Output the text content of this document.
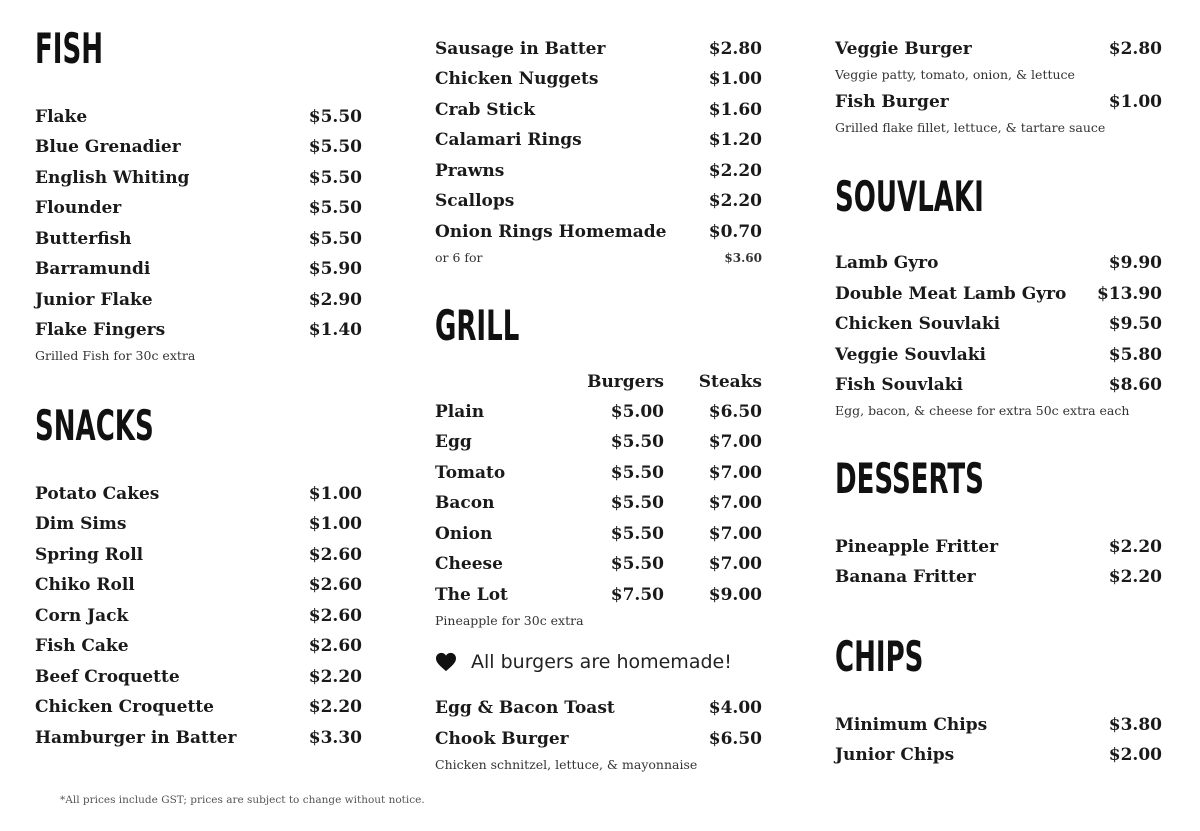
FISH
Flake	$5.50
Blue Grenadier	$5.50
English Whiting	$5.50
Flounder	$5.50
Butterfish	$5.50
Barramundi	$5.90
Junior Flake	$2.90
Flake Fingers	$1.40
Grilled Fish for 30c extra
SNACKS
Potato Cakes	$1.00
Dim Sims	$1.00
Spring Roll	$2.60
Chiko Roll	$2.60
Corn Jack	$2.60
Fish Cake	$2.60
Beef Croquette	$2.20
Chicken Croquette	$2.20
Hamburger in Batter	$3.30
Sausage in Batter	$2.80
Chicken Nuggets	$1.00
Crab Stick	$1.60
Calamari Rings	$1.20
Prawns	$2.20
Scallops	$2.20
Onion Rings Homemade $0.70
or 6 for	$3.60
GRILL
Burgers Steaks
Plain	$5.00	$6.50
Egg	$5.50	$7.00
Tomato	$5.50	$7.00
Bacon	$5.50	$7.00
Onion	$5.50	$7.00
Cheese	$5.50	$7.00
The Lot	$7.50	$9.00
Pineapple for 30c extra
All burgers are homemade!
Egg & Bacon Toast	$4.00
Chook Burger	$6.50
Chicken schnitzel, lettuce, & mayonnaise
Veggie Burger	$2.80
Veggie patty, tomato, onion, & lettuce
Fish Burger	$1.00
Grilled flake fillet, lettuce, & tartare sauce
SOUVLAKI
Lamb Gyro	$9.90
Double Meat Lamb Gyro $13.90
Chicken Souvlaki	$9.50
Veggie Souvlaki	$5.80
Fish Souvlaki	$8.60
Egg, bacon, & cheese for extra 50c extra each
DESSERTS
Pineapple Fritter	$2.20
Banana Fritter	$2.20
CHIPS
Minimum Chips	$3.80
Junior Chips	$2.00
*All prices include GST; prices are subject to change without notice.
